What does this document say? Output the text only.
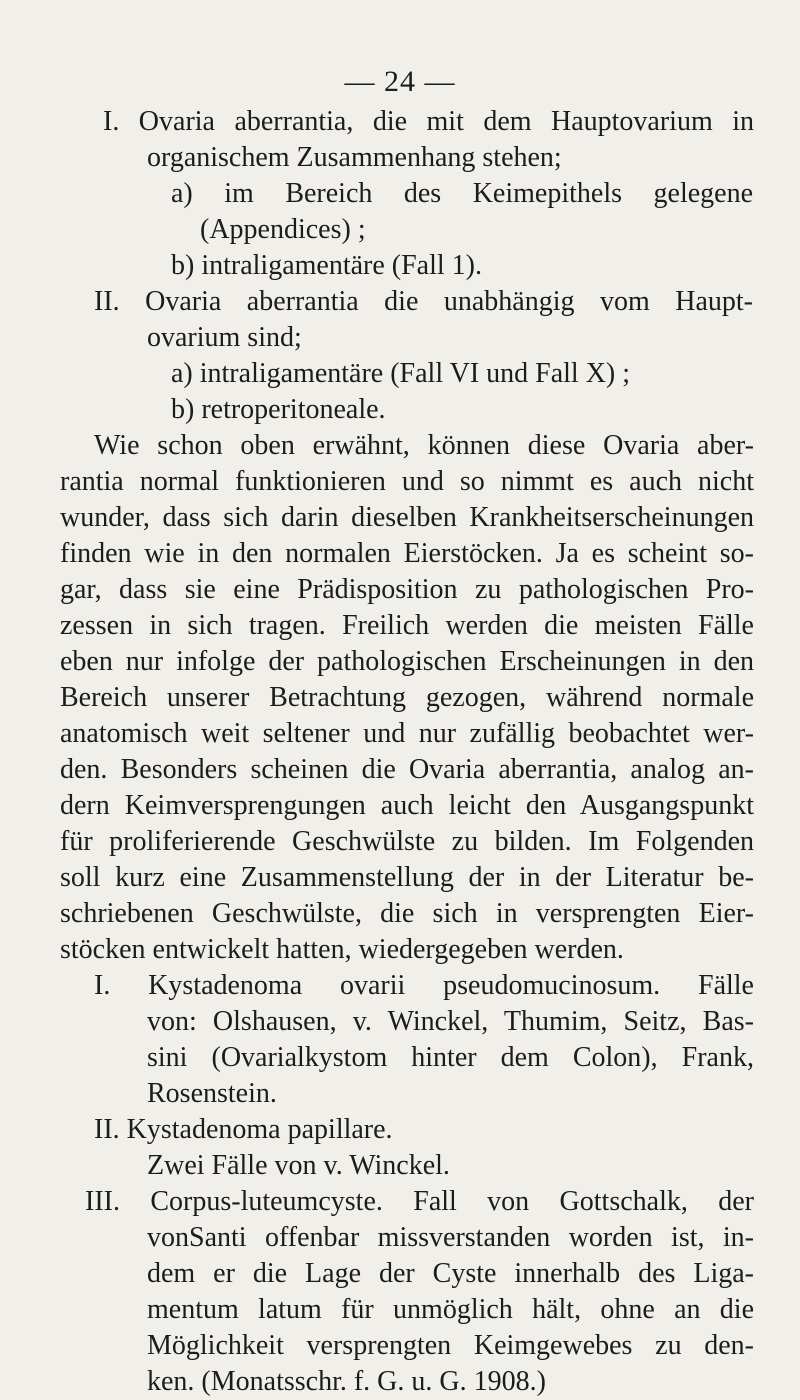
— 24 —
I. Ovaria aberrantia, die mit dem Hauptovarium in
organischem Zusammenhang stehen;
a) im Bereich des Keimepithels gelegene
(Appendices) ;
b) intraligamentäre (Fall 1).
II. Ovaria aberrantia die unabhängig vom Haupt-
ovarium sind;
a) intraligamentäre (Fall VI und Fall X) ;
b) retroperitoneale.
Wie schon oben erwähnt, können diese Ovaria aber-
rantia normal funktionieren und so nimmt es auch nicht
wunder, dass sich darin dieselben Krankheitserscheinungen
finden wie in den normalen Eierstöcken. Ja es scheint so-
gar, dass sie eine Prädisposition zu pathologischen Pro-
zessen in sich tragen. Freilich werden die meisten Fälle
eben nur infolge der pathologischen Erscheinungen in den
Bereich unserer Betrachtung gezogen, während normale
anatomisch weit seltener und nur zufällig beobachtet wer-
den. Besonders scheinen die Ovaria aberrantia, analog an-
dern Keimversprengungen auch leicht den Ausgangspunkt
für proliferierende Geschwülste zu bilden. Im Folgenden
soll kurz eine Zusammenstellung der in der Literatur be-
schriebenen Geschwülste, die sich in versprengten Eier-
stöcken entwickelt hatten, wiedergegeben werden.
I. Kystadenoma ovarii pseudomucinosum. Fälle
von: Olshausen, v. Winckel, Thumim, Seitz, Bas-
sini (Ovarialkystom hinter dem Colon), Frank,
Rosenstein.
II. Kystadenoma papillare.
Zwei Fälle von v. Winckel.
III. Corpus-luteumcyste. Fall von Gottschalk, der
vonSanti offenbar missverstanden worden ist, in-
dem er die Lage der Cyste innerhalb des Liga-
mentum latum für unmöglich hält, ohne an die
Möglichkeit versprengten Keimgewebes zu den-
ken. (Monatsschr. f. G. u. G. 1908.)
